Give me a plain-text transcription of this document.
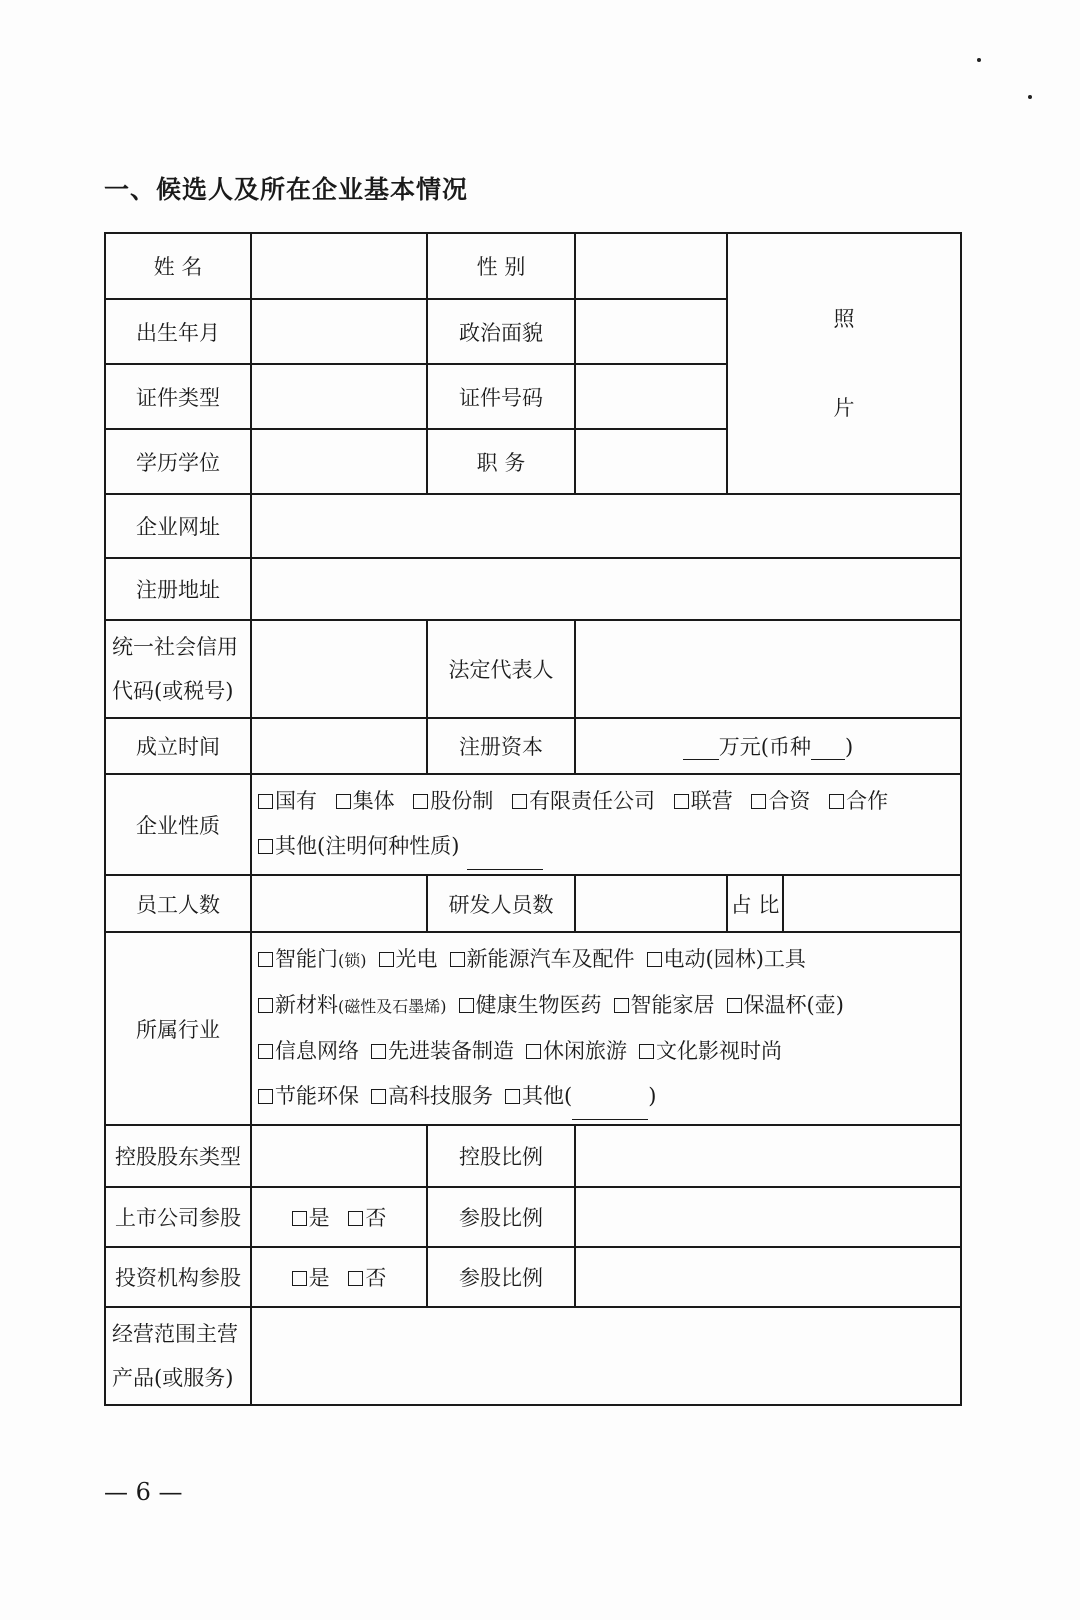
一、候选人及所在企业基本情况
姓 名		性 别		照
片	

出生年月		政治面貌			
证件类型		证件号码			
学历学位		职 务			
企业网址					
注册地址					
统一社会信用
代码(或税号)		法定代表人			
成立时间		注册资本	万元(币种 )		
企业性质	国有 集体 股份制 有限责任公司 联营 合资 合作 其他(注明何种性质)				
员工人数		研发人员数		占 比	
所属行业	智能门(锁) 光电 新能源汽车及配件 电动(园林)工具
新材料(磁性及石墨烯) 健康生物医药 智能家居 保温杯(壶)
信息网络 先进装备制造 休闲旅游 文化影视时尚
节能环保 高科技服务 其他( )				

控股股东类型		控股比例			
上市公司参股	是 否	参股比例			
投资机构参股	是 否	参股比例			
经营范围主营
产品(或服务)					
— 6 —
